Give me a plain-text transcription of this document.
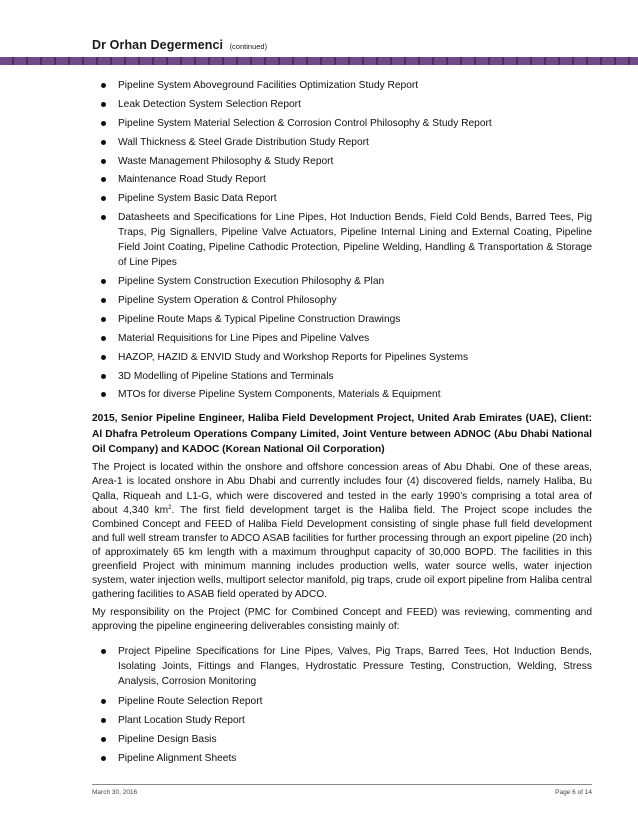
Dr Orhan Degermenci (continued)
Pipeline System Aboveground Facilities Optimization Study Report
Leak Detection System Selection Report
Pipeline System Material Selection & Corrosion Control Philosophy & Study Report
Wall Thickness & Steel Grade Distribution Study Report
Waste Management Philosophy & Study Report
Maintenance Road Study Report
Pipeline System Basic Data Report
Datasheets and Specifications for Line Pipes, Hot Induction Bends, Field Cold Bends, Barred Tees, Pig Traps, Pig Signallers, Pipeline Valve Actuators, Pipeline Internal Lining and External Coating, Pipeline Field Joint Coating, Pipeline Cathodic Protection, Pipeline Welding, Handling & Transportation & Storage of Line Pipes
Pipeline System Construction Execution Philosophy & Plan
Pipeline System Operation & Control Philosophy
Pipeline Route Maps & Typical Pipeline Construction Drawings
Material Requisitions for Line Pipes and Pipeline Valves
HAZOP, HAZID & ENVID Study and Workshop Reports for Pipelines Systems
3D Modelling of Pipeline Stations and Terminals
MTOs for diverse Pipeline System Components, Materials & Equipment
2015, Senior Pipeline Engineer, Haliba Field Development Project, United Arab Emirates (UAE), Client: Al Dhafra Petroleum Operations Company Limited, Joint Venture between ADNOC (Abu Dhabi National Oil Company) and KADOC (Korean National Oil Corporation)
The Project is located within the onshore and offshore concession areas of Abu Dhabi. One of these areas, Area-1 is located onshore in Abu Dhabi and currently includes four (4) discovered fields, namely Haliba, Bu Qalla, Riqueah and L1-G, which were discovered and tested in the early 1990’s comprising a total area of about 4,340 $km^2$. The first field development target is the Haliba field. The Project scope includes the Combined Concept and FEED of Haliba Field Development consisting of single phase full field development and full well stream transfer to ADCO ASAB facilities for further processing through an export pipeline (20 inch) of approximately 65 km length with a maximum throughput capacity of 30,000 BOPD. The facilities in this greenfield Project with minimum manning includes production wells, water source wells, water injection system, water injection wells, multiport selector manifold, pig traps, crude oil export pipeline from Haliba central gathering facilities to ASAB field operated by ADCO.
My responsibility on the Project (PMC for Combined Concept and FEED) was reviewing, commenting and approving the pipeline engineering deliverables consisting mainly of:
Project Pipeline Specifications for Line Pipes, Valves, Pig Traps, Barred Tees, Hot Induction Bends, Isolating Joints, Fittings and Flanges, Hydrostatic Pressure Testing, Construction, Welding, Stress Analysis, Corrosion Monitoring
Pipeline Route Selection Report
Plant Location Study Report
Pipeline Design Basis
Pipeline Alignment Sheets
March 30, 2016	Page 6 of 14
